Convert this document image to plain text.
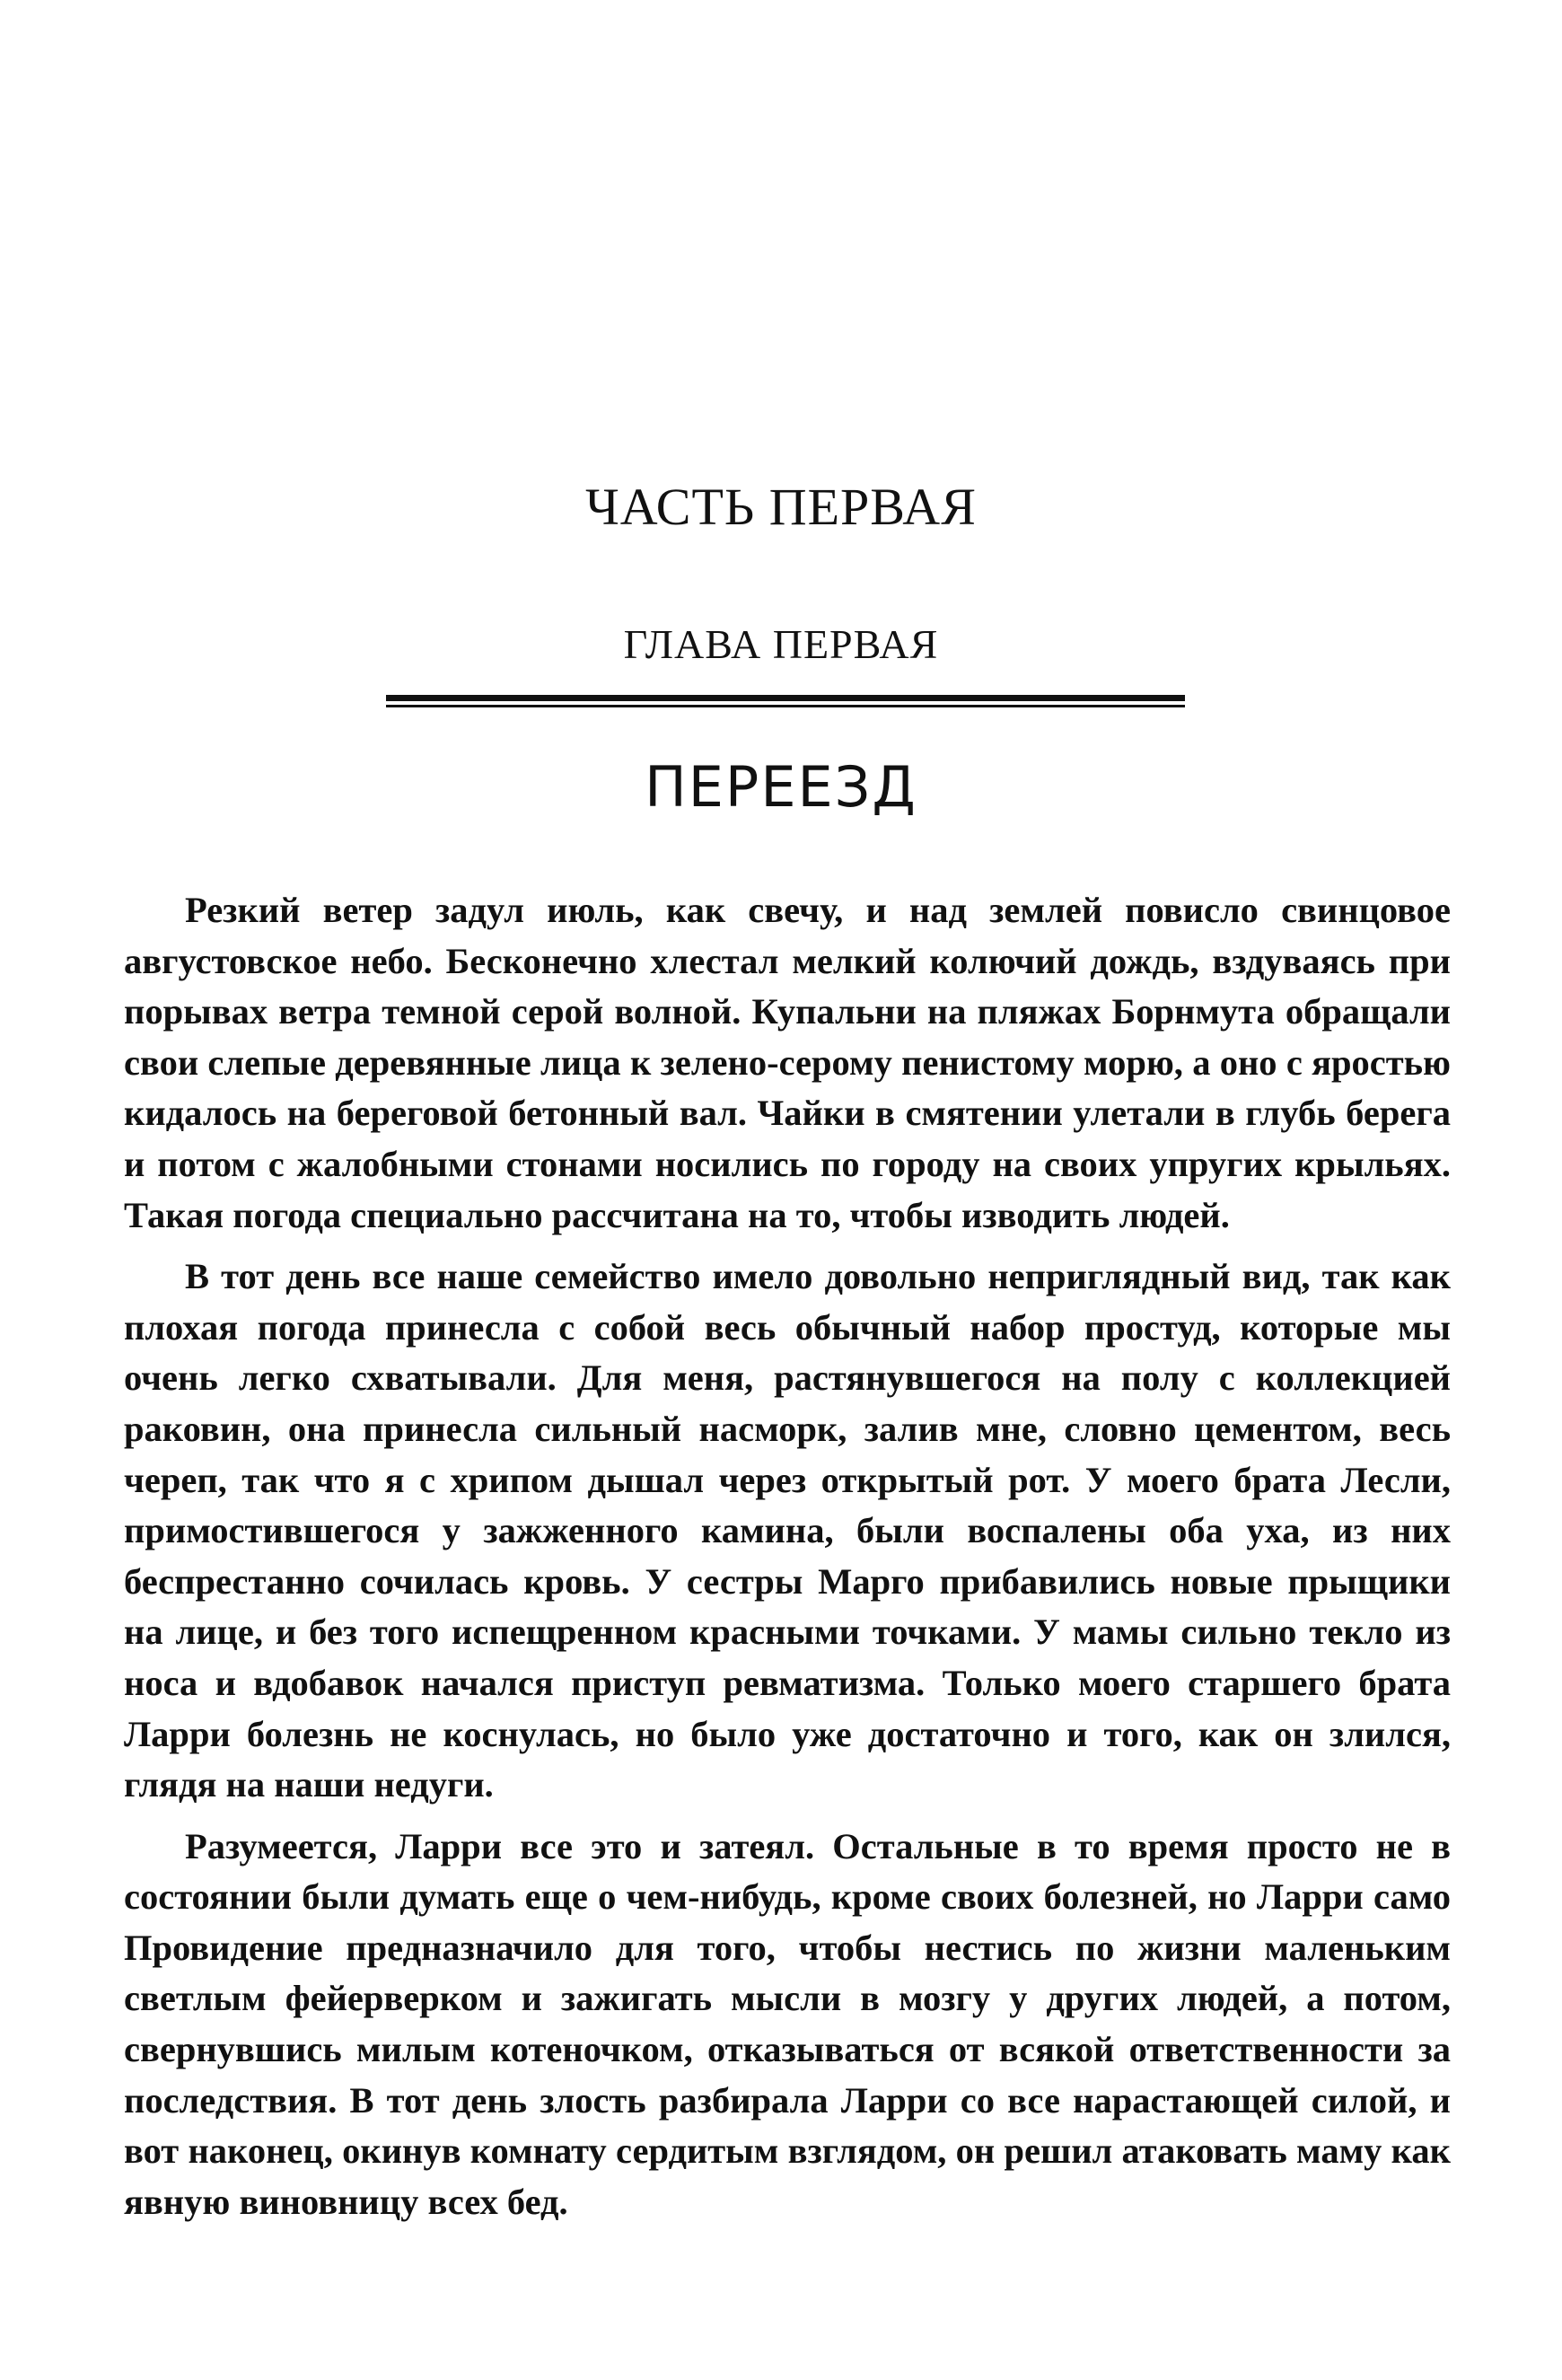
ЧАСТЬ ПЕРВАЯ
ГЛАВА ПЕРВАЯ
ПЕРЕЕЗД

Резкий ветер задул июль, как свечу, и над землей повисло свинцовое августовское небо. Бесконечно хлестал мелкий колючий дождь, вздуваясь при порывах ветра темной серой волной. Купальни на пляжах Борнмута обращали свои слепые деревянные лица к зелено-серому пенистому морю, а оно с яростью кидалось на береговой бетонный вал. Чайки в смятении улетали в глубь берега и потом с жалобными стонами носились по городу на своих упругих крыльях. Такая погода специально рассчитана на то, чтобы изводить людей.

В тот день все наше семейство имело довольно неприглядный вид, так как плохая погода принесла с собой весь обычный набор простуд, которые мы очень легко схватывали. Для меня, растянувшегося на полу с коллекцией раковин, она принесла сильный насморк, залив мне, словно цементом, весь череп, так что я с хрипом дышал через открытый рот. У моего брата Лесли, примостившегося у зажженного камина, были воспалены оба уха, из них беспрестанно сочилась кровь. У сестры Марго прибавились новые прыщики на лице, и без того испещренном красными точками. У мамы сильно текло из носа и вдобавок начался приступ ревматизма. Только моего старшего брата Ларри болезнь не коснулась, но было уже достаточно и того, как он злился, глядя на наши недуги.

Разумеется, Ларри все это и затеял. Остальные в то время просто не в состоянии были думать еще о чем-нибудь, кроме своих болезней, но Ларри само Провидение предназначило для того, чтобы нестись по жизни маленьким светлым фейерверком и зажигать мысли в мозгу у других людей, а потом, свернувшись милым котеночком, отказываться от всякой ответственности за последствия. В тот день злость разбирала Ларри со все нарастающей силой, и вот наконец, окинув комнату сердитым взглядом, он решил атаковать маму как явную виновницу всех бед.
